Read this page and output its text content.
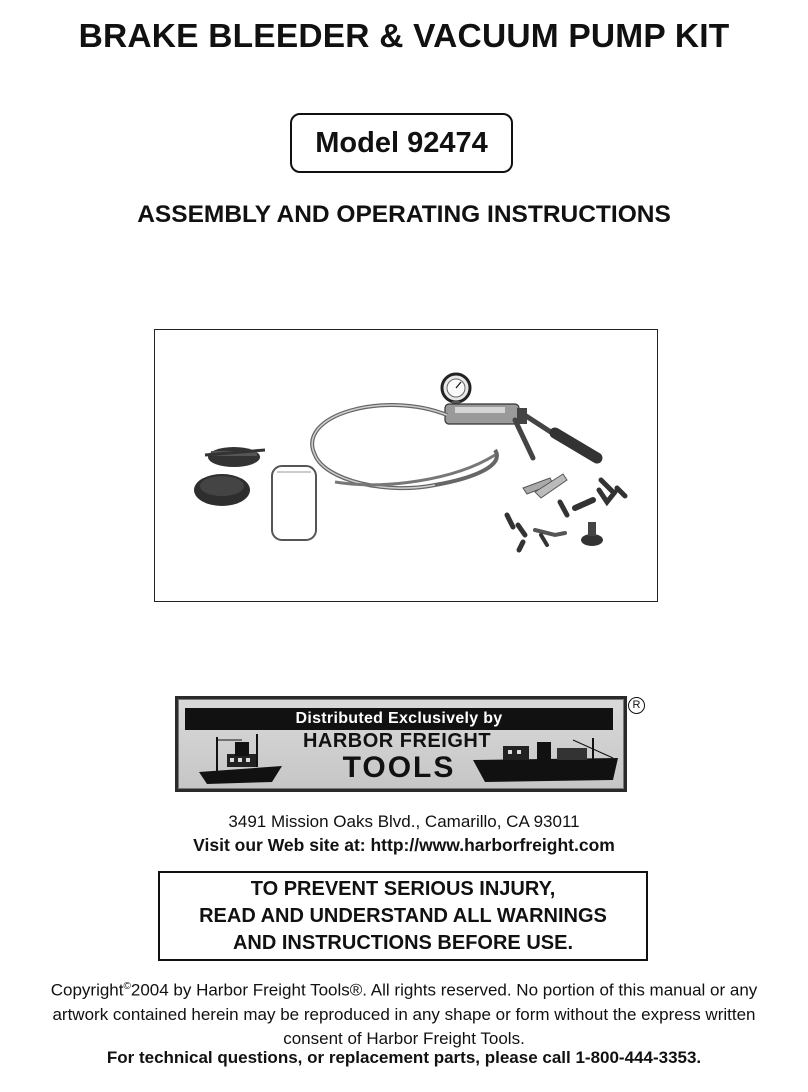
BRAKE BLEEDER & VACUUM PUMP KIT
Model 92474
ASSEMBLY AND OPERATING INSTRUCTIONS
Distributed Exclusively by
HARBOR FREIGHT
TOOLS
R
3491 Mission Oaks Blvd., Camarillo, CA 93011
Visit our Web site at: http://www.harborfreight.com
TO PREVENT SERIOUS INJURY,
READ AND UNDERSTAND ALL WARNINGS
AND INSTRUCTIONS BEFORE USE.
Copyright©2004 by Harbor Freight Tools®. All rights reserved. No portion of this manual or any artwork contained herein may be reproduced in any shape or form without the express written consent of Harbor Freight Tools.
For technical questions, or replacement parts, please call 1-800-444-3353.
